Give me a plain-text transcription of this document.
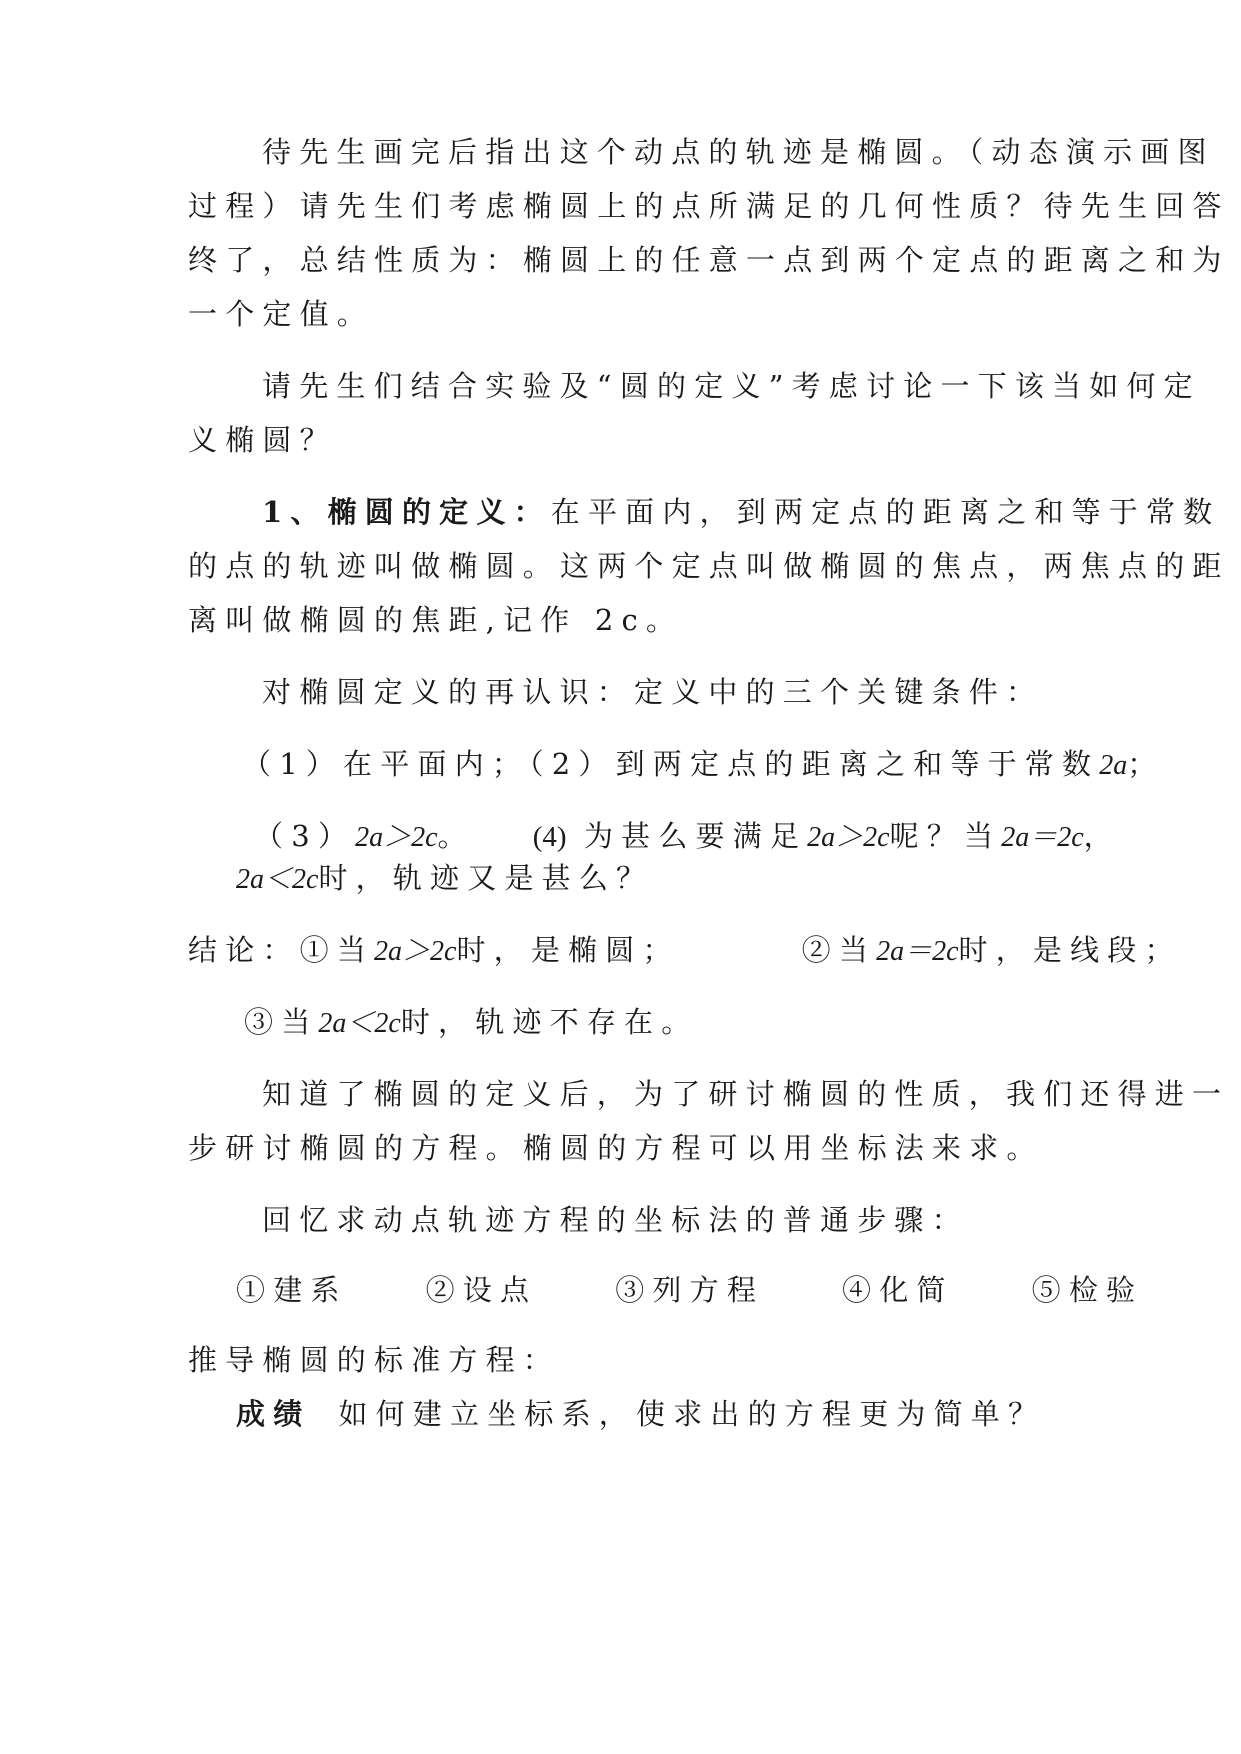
待先生画完后指出这个动点的轨迹是椭圆。（动态演示画图
过程）请先生们考虑椭圆上的点所满足的几何性质？待先生回答
终了，总结性质为：椭圆上的任意一点到两个定点的距离之和为
一个定值。
请先生们结合实验及“圆的定义”考虑讨论一下该当如何定
义椭圆？
1、椭圆的定义：在平面内，到两定点的距离之和等于常数
的点的轨迹叫做椭圆。这两个定点叫做椭圆的焦点，两焦点的距
离叫做椭圆的焦距,记作 2c。
对椭圆定义的再认识：定义中的三个关键条件：
（1）在平面内；（2）到两定点的距离之和等于常数2a；
（3）2a＞2c。 (4) 为甚么要满足2a＞2c呢？当2a＝2c，
2a＜2c时，轨迹又是甚么？
结论：①当2a＞2c时，是椭圆；	②当2a＝2c时，是线段；
③当2a＜2c时，轨迹不存在。
知道了椭圆的定义后，为了研讨椭圆的性质，我们还得进一
步研讨椭圆的方程。椭圆的方程可以用坐标法来求。
回忆求动点轨迹方程的坐标法的普通步骤：
①建系	②设点	③列方程	④化简	⑤检验
推导椭圆的标准方程：
成绩 如何建立坐标系，使求出的方程更为简单？
